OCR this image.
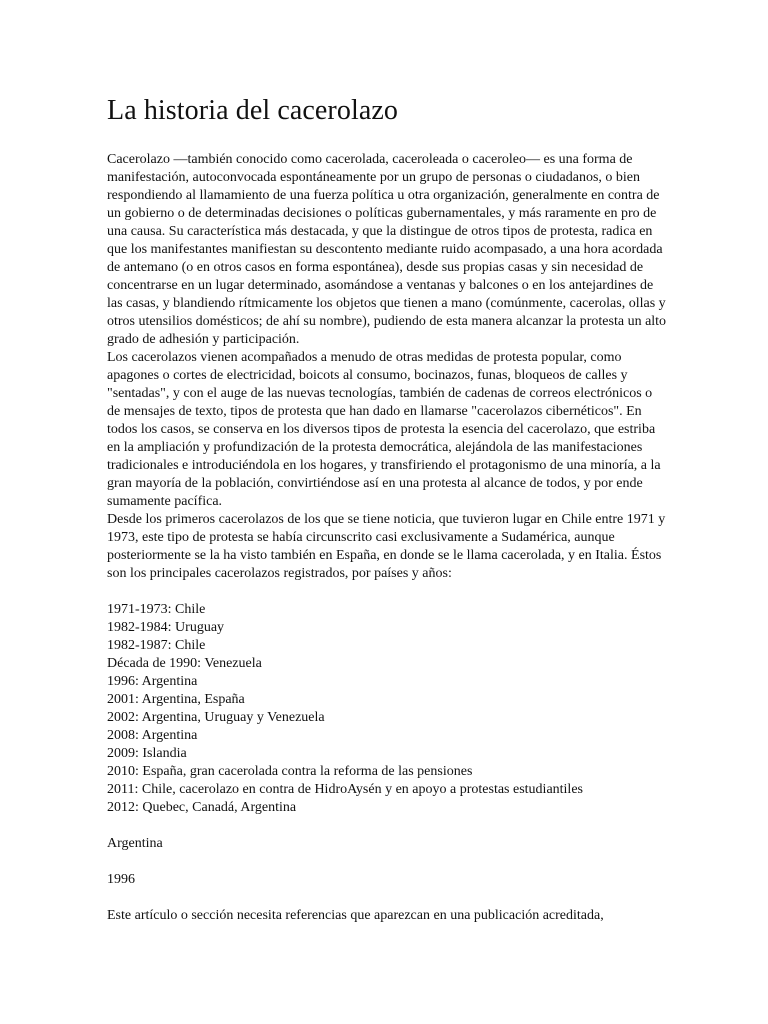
La historia del cacerolazo

Cacerolazo —también conocido como cacerolada, caceroleada o caceroleo— es una forma de manifestación, autoconvocada espontáneamente por un grupo de personas o ciudadanos, o bien respondiendo al llamamiento de una fuerza política u otra organización, generalmente en contra de un gobierno o de determinadas decisiones o políticas gubernamentales, y más raramente en pro de una causa. Su característica más destacada, y que la distingue de otros tipos de protesta, radica en que los manifestantes manifiestan su descontento mediante ruido acompasado, a una hora acordada de antemano (o en otros casos en forma espontánea), desde sus propias casas y sin necesidad de concentrarse en un lugar determinado, asomándose a ventanas y balcones o en los antejardines de las casas, y blandiendo rítmicamente los objetos que tienen a mano (comúnmente, cacerolas, ollas y otros utensilios domésticos; de ahí su nombre), pudiendo de esta manera alcanzar la protesta un alto grado de adhesión y participación.

Los cacerolazos vienen acompañados a menudo de otras medidas de protesta popular, como apagones o cortes de electricidad, boicots al consumo, bocinazos, funas, bloqueos de calles y "sentadas", y con el auge de las nuevas tecnologías, también de cadenas de correos electrónicos o de mensajes de texto, tipos de protesta que han dado en llamarse "cacerolazos cibernéticos". En todos los casos, se conserva en los diversos tipos de protesta la esencia del cacerolazo, que estriba en la ampliación y profundización de la protesta democrática, alejándola de las manifestaciones tradicionales e introduciéndola en los hogares, y transfiriendo el protagonismo de una minoría, a la gran mayoría de la población, convirtiéndose así en una protesta al alcance de todos, y por ende sumamente pacífica.

Desde los primeros cacerolazos de los que se tiene noticia, que tuvieron lugar en Chile entre 1971 y 1973, este tipo de protesta se había circunscrito casi exclusivamente a Sudamérica, aunque posteriormente se la ha visto también en España, en donde se le llama cacerolada, y en Italia. Éstos son los principales cacerolazos registrados, por países y años:

1971-1973: Chile
1982-1984: Uruguay
1982-1987: Chile
Década de 1990: Venezuela
1996: Argentina
2001: Argentina, España
2002: Argentina, Uruguay y Venezuela
2008: Argentina
2009: Islandia
2010: España, gran cacerolada contra la reforma de las pensiones
2011: Chile, cacerolazo en contra de HidroAysén y en apoyo a protestas estudiantiles
2012: Quebec, Canadá, Argentina
Argentina
1996
Este artículo o sección necesita referencias que aparezcan en una publicación acreditada,
